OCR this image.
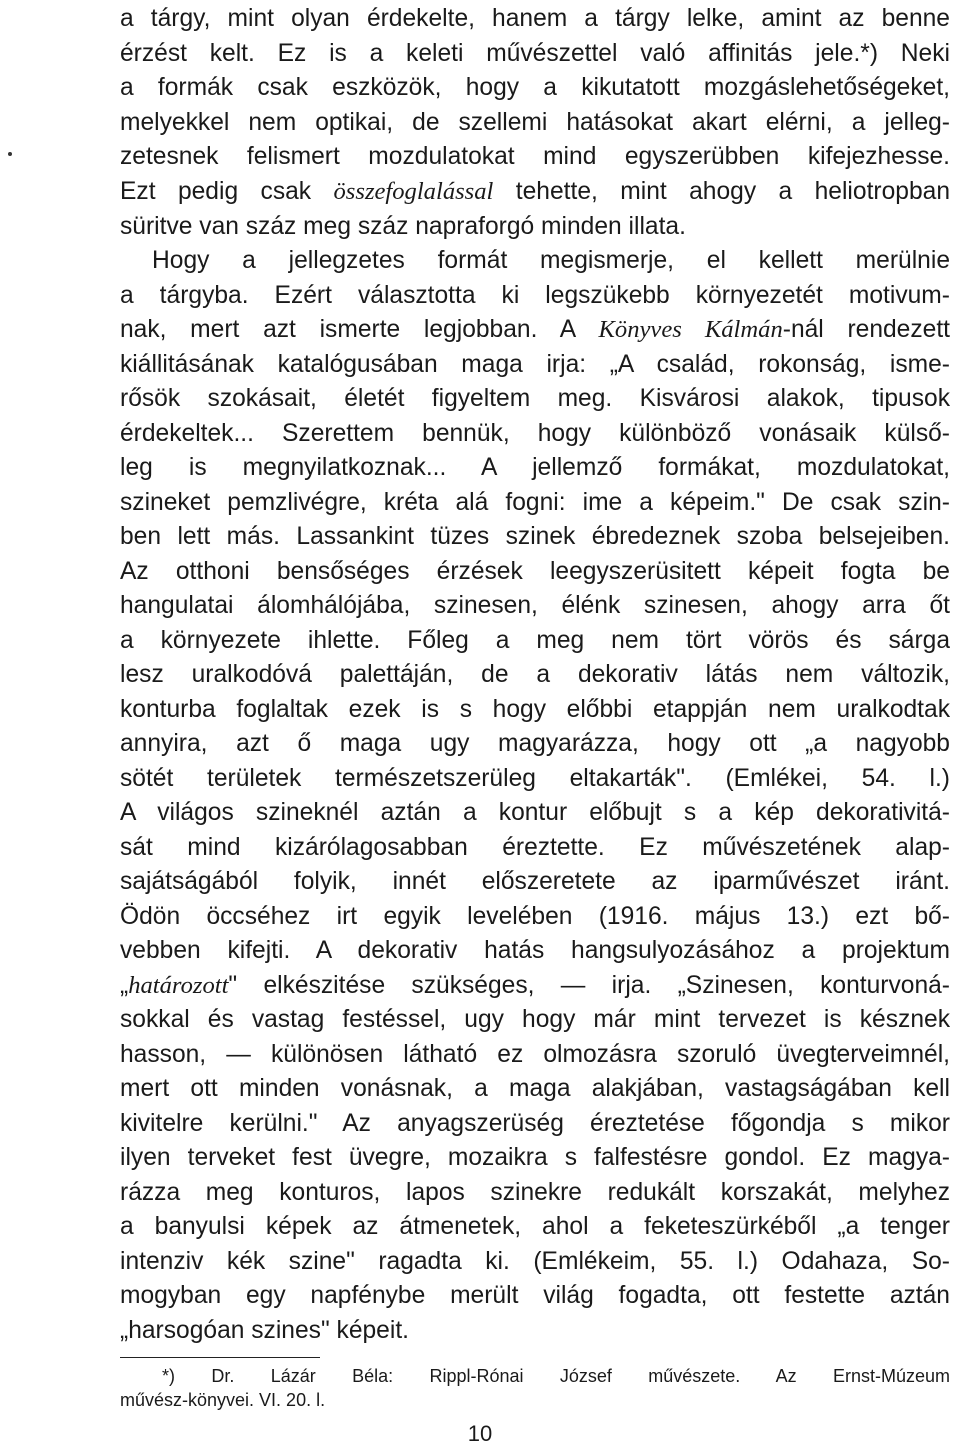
a tárgy, mint olyan érdekelte, hanem a tárgy lelke, amint az benne
érzést kelt. Ez is a keleti művészettel való affinitás jele.*) Neki
a formák csak eszközök, hogy a kikutatott mozgáslehetőségeket,
melyekkel nem optikai, de szellemi hatásokat akart elérni, a jelleg-
zetesnek felismert mozdulatokat mind egyszerübben kifejezhesse.
Ezt pedig csak összefoglalással tehette, mint ahogy a heliotropban
süritve van száz meg száz napraforgó minden illata.
Hogy a jellegzetes formát megismerje, el kellett merülnie
a tárgyba. Ezért választotta ki legszükebb környezetét motivum-
nak, mert azt ismerte legjobban. A Könyves Kálmán-nál rendezett
kiállitásának katalógusában maga irja: „A család, rokonság, isme-
rősök szokásait, életét figyeltem meg. Kisvárosi alakok, tipusok
érdekeltek... Szerettem bennük, hogy különböző vonásaik külső-
leg is megnyilatkoznak... A jellemző formákat, mozdulatokat,
szineket pemzlivégre, kréta alá fogni: ime a képeim." De csak szin-
ben lett más. Lassankint tüzes szinek ébredeznek szoba belsejeiben.
Az otthoni bensőséges érzések leegyszerüsitett képeit fogta be
hangulatai álomhálójába, szinesen, élénk szinesen, ahogy arra őt
a környezete ihlette. Főleg a meg nem tört vörös és sárga
lesz uralkodóvá palettáján, de a dekorativ látás nem változik,
konturba foglaltak ezek is s hogy előbbi etappján nem uralkodtak
annyira, azt ő maga ugy magyarázza, hogy ott „a nagyobb
sötét területek természetszerüleg eltakarták". (Emlékei, 54. l.)
A világos szineknél aztán a kontur előbujt s a kép dekorativitá-
sát mind kizárólagosabban éreztette. Ez művészetének alap-
sajátságából folyik, innét előszeretete az iparművészet iránt.
Ödön öccséhez irt egyik levelében (1916. május 13.) ezt bő-
vebben kifejti. A dekorativ hatás hangsulyozásához a projektum
„határozott" elkészitése szükséges, — irja. „Szinesen, konturvoná-
sokkal és vastag festéssel, ugy hogy már mint tervezet is késznek
hasson, — különösen látható ez olmozásra szoruló üvegterveimnél,
mert ott minden vonásnak, a maga alakjában, vastagságában kell
kivitelre kerülni." Az anyagszerüség éreztetése főgondja s mikor
ilyen terveket fest üvegre, mozaikra s falfestésre gondol. Ez magya-
rázza meg konturos, lapos szinekre redukált korszakát, melyhez
a banyulsi képek az átmenetek, ahol a feketeszürkéből „a tenger
intenziv kék szine" ragadta ki. (Emlékeim, 55. l.) Odahaza, So-
mogyban egy napfénybe merült világ fogadta, ott festette aztán
„harsogóan szines" képeit.
*) Dr. Lázár Béla: Rippl-Rónai József művészete. Az Ernst-Múzeum
művész-könyvei. VI. 20. l.
10
